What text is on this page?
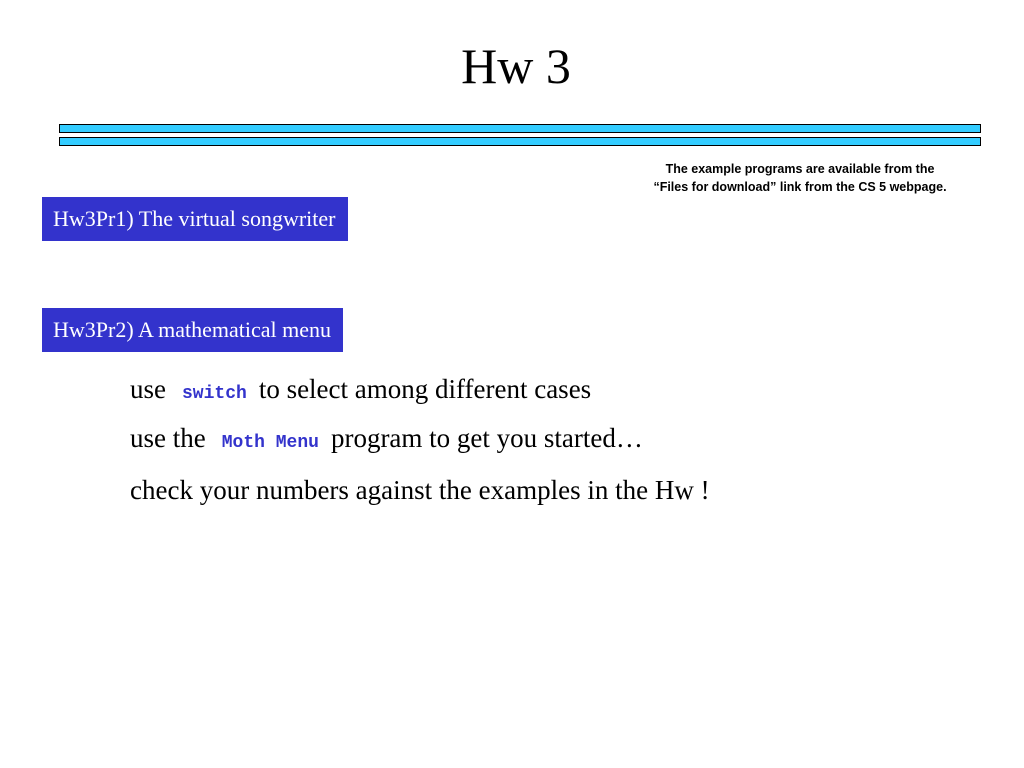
Hw 3
The example programs are available from the
“Files for download” link from the CS 5 webpage.
Hw3Pr1) The virtual songwriter
Hw3Pr2) A mathematical menu
use switch to select among different cases
use the Moth Menu program to get you started…
check your numbers against the examples in the Hw !
